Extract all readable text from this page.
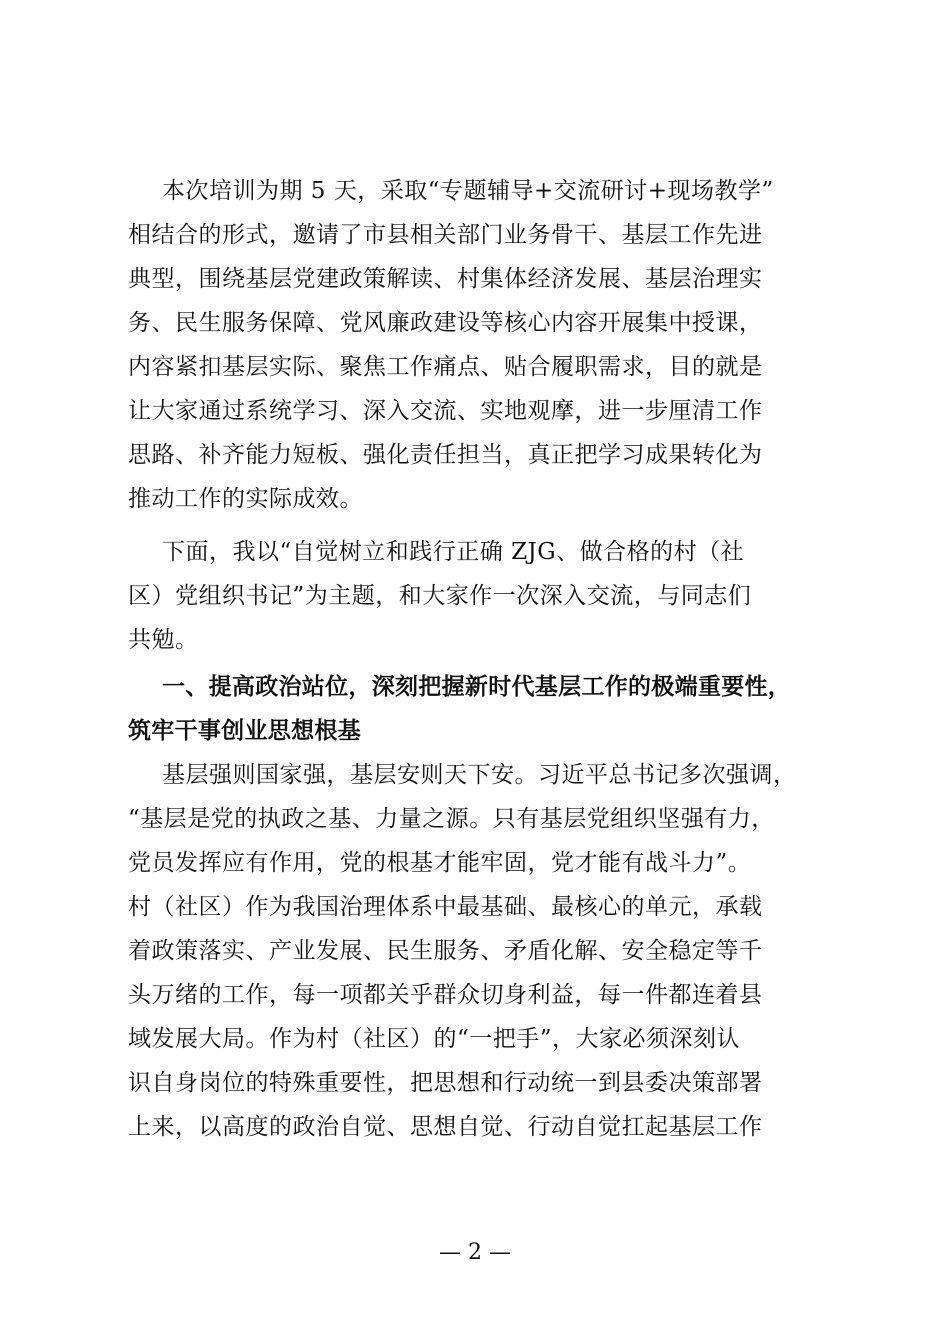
本次培训为期 5 天，采取“专题辅导+交流研讨+现场教学”
相结合的形式，邀请了市县相关部门业务骨干、基层工作先进
典型，围绕基层党建政策解读、村集体经济发展、基层治理实
务、民生服务保障、党风廉政建设等核心内容开展集中授课，
内容紧扣基层实际、聚焦工作痛点、贴合履职需求，目的就是
让大家通过系统学习、深入交流、实地观摩，进一步厘清工作
思路、补齐能力短板、强化责任担当，真正把学习成果转化为
推动工作的实际成效。
下面，我以“自觉树立和践行正确 ZJG、做合格的村（社
区）党组织书记”为主题，和大家作一次深入交流，与同志们
共勉。
一、提高政治站位，深刻把握新时代基层工作的极端重要性，
筑牢干事创业思想根基
基层强则国家强，基层安则天下安。习近平总书记多次强调，
“基层是党的执政之基、力量之源。只有基层党组织坚强有力，
党员发挥应有作用，党的根基才能牢固，党才能有战斗力”。
村（社区）作为我国治理体系中最基础、最核心的单元，承载
着政策落实、产业发展、民生服务、矛盾化解、安全稳定等千
头万绪的工作，每一项都关乎群众切身利益，每一件都连着县
域发展大局。作为村（社区）的“一把手”，大家必须深刻认
识自身岗位的特殊重要性，把思想和行动统一到县委决策部署
上来，以高度的政治自觉、思想自觉、行动自觉扛起基层工作
— 2 —
